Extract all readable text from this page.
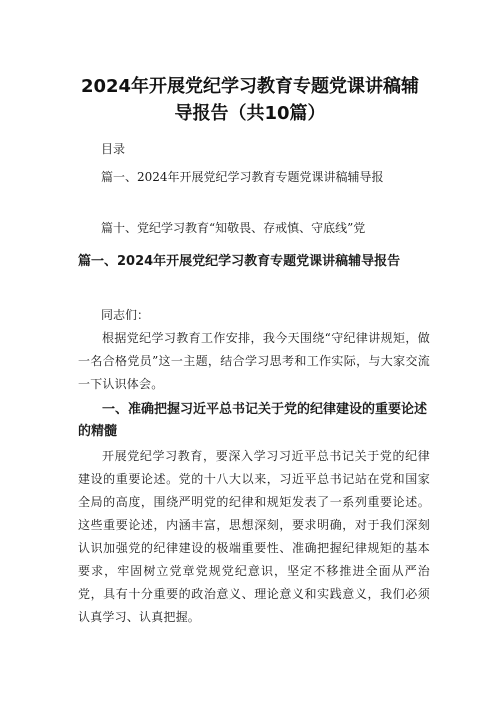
2024年开展党纪学习教育专题党课讲稿辅
导报告（共10篇）
目录
篇一、2024年开展党纪学习教育专题党课讲稿辅导报
篇十、党纪学习教育“知敬畏、存戒慎、守底线”党
篇一、2024年开展党纪学习教育专题党课讲稿辅导报告
同志们：
根据党纪学习教育工作安排，我今天围绕“守纪律讲规矩，做一名合格党员”这一主题，结合学习思考和工作实际，与大家交流一下认识体会。
一、准确把握习近平总书记关于党的纪律建设的重要论述的精髓
开展党纪学习教育，要深入学习习近平总书记关于党的纪律建设的重要论述。党的十八大以来，习近平总书记站在党和国家全局的高度，围绕严明党的纪律和规矩发表了一系列重要论述。这些重要论述，内涵丰富，思想深刻，要求明确，对于我们深刻认识加强党的纪律建设的极端重要性、准确把握纪律规矩的基本要求，牢固树立党章党规党纪意识，坚定不移推进全面从严治党，具有十分重要的政治意义、理论意义和实践意义，我们必须认真学习、认真把握。
